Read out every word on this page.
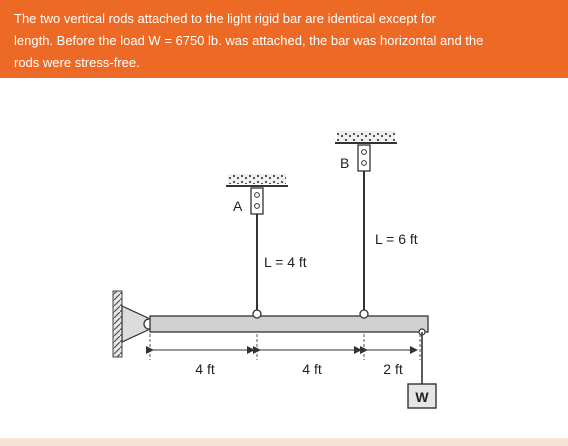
The two vertical rods attached to the light rigid bar are identical except for

length. Before the load W = 6750 lb. was attached, the bar was horizontal and the

rods were stress-free.

A
L = 4 ft
B
L = 6 ft
W
4 ft	4 ft	2 ft
